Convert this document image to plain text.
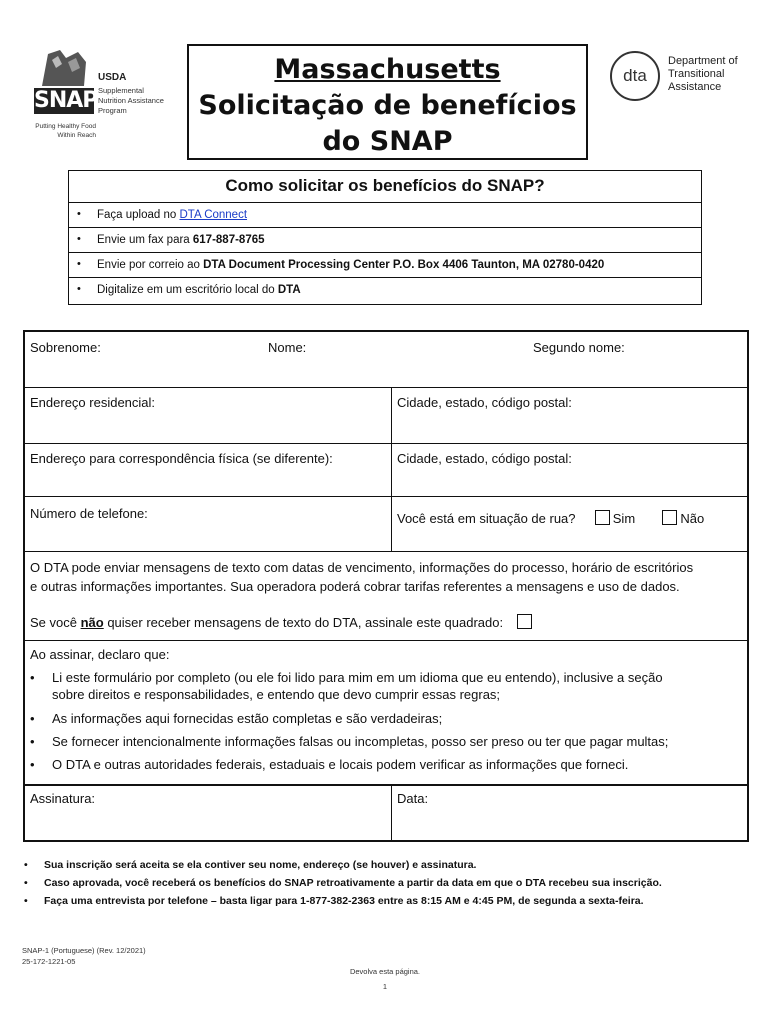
SNAP
USDA
Supplemental Nutrition Assistance Program
Putting Healthy Food Within Reach
Massachusetts
Solicitação de benefícios
do SNAP
dta
Department of
Transitional
Assistance
Como solicitar os benefícios do SNAP?
• Faça upload no DTA Connect
• Envie um fax para 617-887-8765
• Envie por correio ao DTA Document Processing Center P.O. Box 4406 Taunton, MA 02780-0420
• Digitalize em um escritório local do DTA
Sobrenome:	Nome:	Segundo nome:
Endereço residencial:	Cidade, estado, código postal:
Endereço para correspondência física (se diferente):	Cidade, estado, código postal:
Número de telefone:	Você está em situação de rua?	Sim	Não
O DTA pode enviar mensagens de texto com datas de vencimento, informações do processo, horário de escritórios
e outras informações importantes. Sua operadora poderá cobrar tarifas referentes a mensagens e uso de dados.
Se você não quiser receber mensagens de texto do DTA, assinale este quadrado:
Ao assinar, declaro que:
• Li este formulário por completo (ou ele foi lido para mim em um idioma que eu entendo), inclusive a seção
sobre direitos e responsabilidades, e entendo que devo cumprir essas regras;
• As informações aqui fornecidas estão completas e são verdadeiras;
• Se fornecer intencionalmente informações falsas ou incompletas, posso ser preso ou ter que pagar multas;
• O DTA e outras autoridades federais, estaduais e locais podem verificar as informações que forneci.
Assinatura:	Data:
• Sua inscrição será aceita se ela contiver seu nome, endereço (se houver) e assinatura.
• Caso aprovada, você receberá os benefícios do SNAP retroativamente a partir da data em que o DTA recebeu sua inscrição.
• Faça uma entrevista por telefone – basta ligar para 1-877-382-2363 entre as 8:15 AM e 4:45 PM, de segunda a sexta-feira.
SNAP-1 (Portuguese) (Rev. 12/2021)
25-172-1221-05
Devolva esta página.
1
